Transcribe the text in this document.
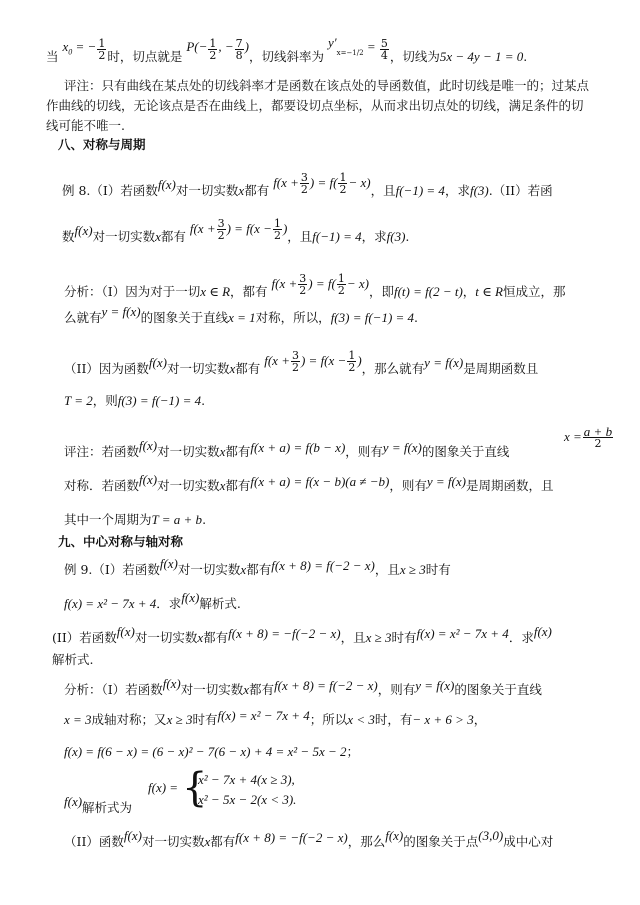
当 $x_0$ = − $\frac{1}{2}$ 时，切点就是 $P(- \frac{1}{2}$ , − $\frac{7}{8}$ )，切线斜率为 $y'^{x=-1/2} = \frac{5}{4}$ ，切线为5x − 4y − 1 = 0.
评注：只有曲线在某点处的切线斜率才是函数在该点处的导函数值，此时切线是唯一的；过某点
作曲线的切线，无论该点是否在曲线上，都要设切点坐标，从而求出切点处的切线，满足条件的切
线可能不唯一.
八、对称与周期
例 8.（I）若函数f(x)对一切实数x都有 $f(x + \frac{3}{2}$ ) = $f( \frac{1}{2} - x)$，且f(−1) = 4，求f(3).（II）若函
数f(x)对一切实数x都有 $f(x + \frac{3}{2}$ ) = $f(x - \frac{1}{2}$ )，且f(−1) = 4，求f(3).
分析：（I）因为对于一切x ∈ R，都有 $f(x + \frac{3}{2}$ ) = $f( \frac{1}{2} - x)$，即f(t) = f(2 − t)，t ∈ R恒成立，那
么就有y = f(x)的图象关于直线x = 1对称，所以，f(3) = f(−1) = 4.
（II）因为函数f(x)对一切实数x都有 $f(x + \frac{3}{2}$ ) = $f(x - \frac{1}{2}$ )，那么就有y = f(x)是周期函数且
T = 2，则f(3) = f(−1) = 4.
评注：若函数f(x)对一切实数x都有f(x + a) = f(b − x)，则有y = f(x)的图象关于直线
$x = \frac{a + b}{2}$
对称．若函数f(x)对一切实数x都有f(x + a) = f(x − b)(a ≠ −b)，则有y = f(x)是周期函数，且
其中一个周期为T = a + b.
九、中心对称与轴对称
例 9.（I）若函数f(x)对一切实数x都有f(x + 8) = f(−2 − x)，且x ≥ 3时有
f(x) = x² − 7x + 4．求f(x)解析式.
(II）若函数f(x)对一切实数x都有f(x + 8) = −f(−2 − x)，且x ≥ 3时有f(x) = x² − 7x + 4．求f(x)
解析式.
分析：（I）若函数f(x)对一切实数x都有f(x + 8) = f(−2 − x)，则有y = f(x)的图象关于直线
x = 3成轴对称；又x ≥ 3时有f(x) = x² − 7x + 4；所以x < 3时，有− x + 6 > 3，
f(x) = f(6 − x) = (6 − x)² − 7(6 − x) + 4 = x² − 5x − 2；
f(x) = {
x² − 7x + 4(x ≥ 3),
x² − 5x − 2(x < 3).
f(x)解析式为
（II）函数f(x)对一切实数x都有f(x + 8) = −f(−2 − x)，那么f(x)的图象关于点(3,0)成中心对
